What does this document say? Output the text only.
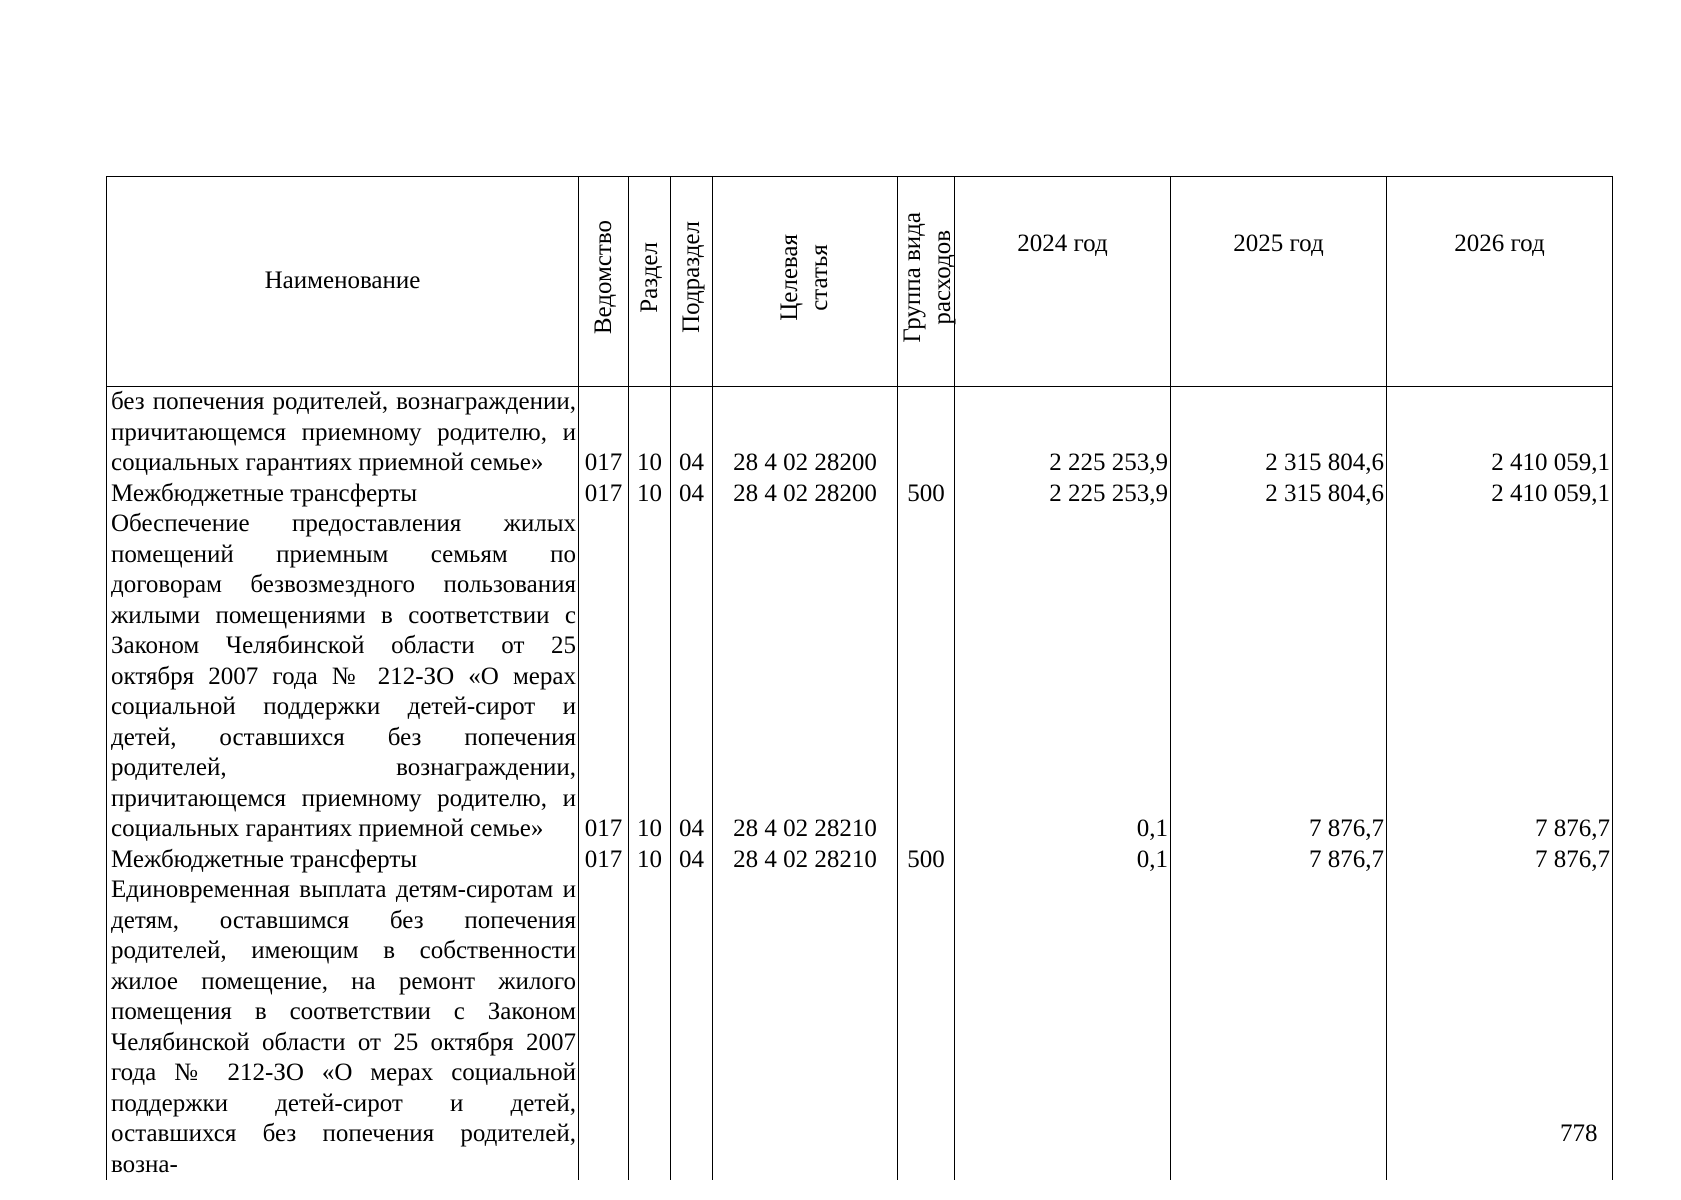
Наименование	Ведомство	Раздел	Подраздел	Целевая статья	Группа вида расходов	2024 год	2025 год	2026 год
без попечения родителей, вознаграждении, причитающемся приемному родителю, и социальных гарантиях приемной семье»	017	10	04	28 4 02 28200		2 225 253,9	2 315 804,6	2 410 059,1
Межбюджетные трансферты	017	10	04	28 4 02 28200	500	2 225 253,9	2 315 804,6	2 410 059,1
Обеспечение предоставления жилых помещений приемным семьям по договорам безвозмездного пользования жилыми помещениями в соответствии с Законом Челябинской области от 25 октября 2007 года № 212-ЗО «О мерах социальной поддержки детей-сирот и детей, оставшихся без попечения родителей, вознаграждении, причитающемся приемному родителю, и социальных гарантиях приемной семье»	017	10	04	28 4 02 28210		0,1	7 876,7	7 876,7
Межбюджетные трансферты	017	10	04	28 4 02 28210	500	0,1	7 876,7	7 876,7
Единовременная выплата детям-сиротам и детям, оставшимся без попечения родителей, имеющим в собственности жилое помещение, на ремонт жилого помещения в соответствии с Законом Челябинской области от 25 октября 2007 года № 212-ЗО «О мерах социальной поддержки детей-сирот и детей, оставшихся без попечения родителей, возна-								
778
